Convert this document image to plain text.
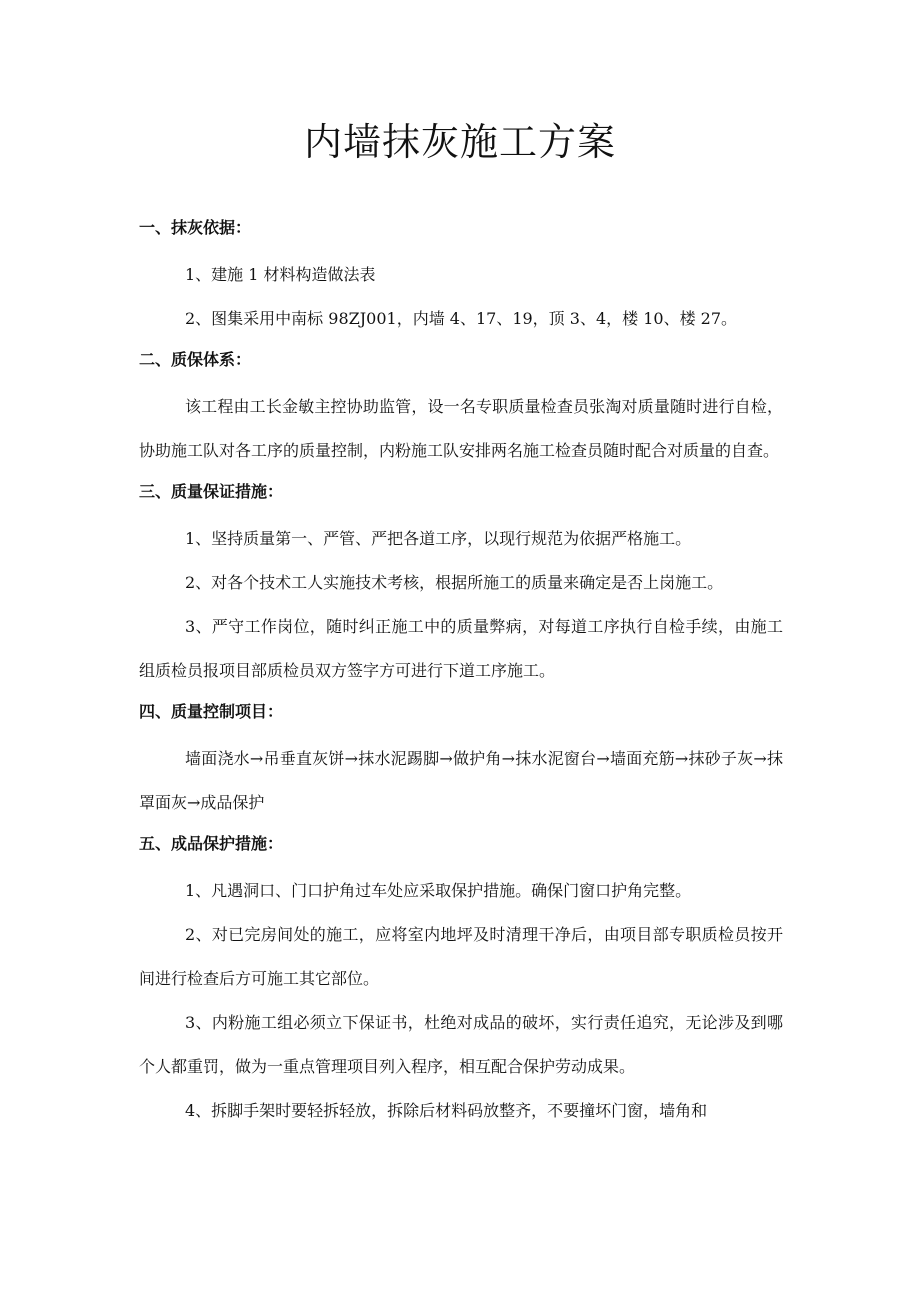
内墙抹灰施工方案
一、抹灰依据：

1、建施 1 材料构造做法表

2、图集采用中南标 98ZJ001，内墙 4、17、19，顶 3、4，楼 10、楼 27。

二、质保体系：

该工程由工长金敏主控协助监管，设一名专职质量检查员张淘对质量随时进行自检，协助施工队对各工序的质量控制，内粉施工队安排两名施工检查员随时配合对质量的自查。

三、质量保证措施：

1、坚持质量第一、严管、严把各道工序，以现行规范为依据严格施工。

2、对各个技术工人实施技术考核，根据所施工的质量来确定是否上岗施工。

3、严守工作岗位，随时纠正施工中的质量弊病，对每道工序执行自检手续，由施工组质检员报项目部质检员双方签字方可进行下道工序施工。

四、质量控制项目：

墙面浇水→吊垂直灰饼→抹水泥踢脚→做护角→抹水泥窗台→墙面充筋→抹砂子灰→抹罩面灰→成品保护

五、成品保护措施：

1、凡遇洞口、门口护角过车处应采取保护措施。确保门窗口护角完整。

2、对已完房间处的施工，应将室内地坪及时清理干净后，由项目部专职质检员按开间进行检查后方可施工其它部位。

3、内粉施工组必须立下保证书，杜绝对成品的破坏，实行责任追究，无论涉及到哪个人都重罚，做为一重点管理项目列入程序，相互配合保护劳动成果。

4、拆脚手架时要轻拆轻放，拆除后材料码放整齐，不要撞坏门窗，墙角和
